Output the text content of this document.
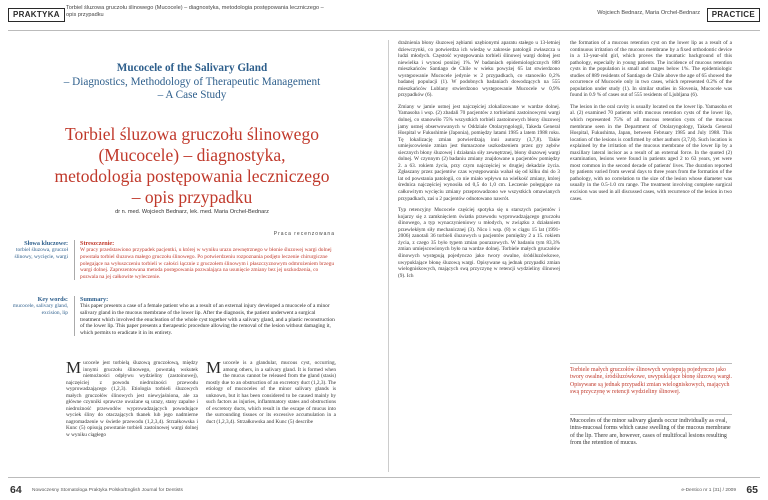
PRAKTYKA
Torbiel śluzowa gruczołu ślinowego (Mucocele) – diagnostyka, metodologia postępowania leczniczego – opis przypadku	Wojciech Bednarz, Maria Orchel-Bednarz	PRACTICE
Mucocele of the Salivary Gland
– Diagnostics, Methodology of Therapeutic Management – A Case Study
Torbiel śluzowa gruczołu ślinowego (Mucocele) – diagnostyka, metodologia postępowania leczniczego – opis przypadku
dr n. med. Wojciech Bednarz, lek. med. Maria Orchel-Bednarz
Praca recenzowana
Słowa kluczowe:
torbiel śluzowa, gruczoł ślinowy, wycięcie, wargi
Streszczenie:
W pracy przedstawiono przypadek pacjentki, u której w wyniku urazu zewnętrznego w błonie śluzowej wargi dolnej powstała torbiel śluzowa małego gruczołu ślinowego. Po potwierdzeniu rozpoznania podjęto leczenie chirurgiczne polegające na wyłuszczeniu torbieli w całości łącznie z gruczołem ślinowym i płaszczyznowym odmrożeniem brzegu wargi dolnej. Zaprezentowana metoda postępowania pozwalająca na usunięcie zmiany bez jej uszkodzenia, co pozwala na jej całkowite wyleczenie.
Key words:
mucocele, salivary gland, excision, lip
Summary:
This paper presents a case of a female patient who as a result of an external injury developed a mucocele of a minor salivary gland in the mucous membrane of the lower lip. After the diagnosis, the patient underwent a surgical treatment which involved the enucleation of the whole cyst together with a salivary gland, and a plastic reconstruction of the lower lip. This paper presents a therapeutic procedure allowing the removal of the lesion without damaging it, which permits to eradicate it in its entirety.
Mucocele jest torbielą śluzową gruczołową, między innymi gruczołu ślinowego, powstałą wskutek niemożności odpływu wydzieliny (zastoinowej), najczęściej z powodu niedrożności przewodu wyprowadzającego (1,2,3). Etiologia torbieli śluzowych małych gruczołów ślinowych jest niewyjaśniona, ale za główne czynniki sprawcze uważane są urazy, stany zapalne i niedrożność przewodów wyprowadzających powodujące wyciek śliny do otaczających tkanek lub jego nadmierne nagromadzenie w świetle przewodu (1,2,3,4). Strzałkowska i Kunc (5) opisują powstanie torbieli zastoinowej wargi dolnej w wyniku ciągłego
Mucocele is a glandular, mucous cyst, occurring, among others, in a salivary gland. It is formed when the mucus cannot be released from the gland (stasis) mostly due to an obstruction of an excretory duct (1,2,3). The etiology of mucoceles of the minor salivary glands is unknown, but it has been considered to be caused mainly by such factors as injuries, inflammatory states and obstructions of excretory ducts, which result in the escape of mucus into the surrounding tissues or its excessive accumulation in a duct (1,2,3,4). Strzałkowska and Kunc (5) describe

drażnienia błony śluzowej zębiami uzębionymi aparatu stałego u 13-letniej dziewczynki, co potwierdza ich wiedzę w zakresie patologii zwłaszcza u ludzi młodych. Częstość występowania torbieli ślinowej wargi dolnej jest niewielka i wynosi poniżej 1%. W badaniach epidemiologicznych 889 mieszkańców Santiago de Chile w wieku powyżej 65 lat stwierdzono występowanie Mucocele jedynie w 2 przypadkach, co stanowiło 0,2% badanej populacji (1). W podobnych badaniach dowodzących na 555 mieszkańców Lublany stwierdzono występowanie Mucocele w 0,9% przypadków (6).

Zmiany w jamie ustnej jest najczęściej zlokalizowane w wardze dolnej. Yamasoba i wsp. (2) zbadali 70 pacjentów z torbielami zastoinowymi wargi dolnej, co stanowiło 75% wszystkich torbieli zastoinowych błony śluzowej jamy ustnej obserwowanych w Oddziale Otolaryngologii, Takeda General Hospital w Fukushimie (Japonia), pomiędzy latami 1985 a latem 1988 roku. Tę lokalizację zmian potwierdzają inni autorzy (3,7,8). Takie umiejscowienie zmian jest tłumaczone uszkodzeniem przez gry zębów siecznych błony śluzowej i działania siły zewnętrznej, błony śluzowej wargi dolnej. W czynnym (2) badaniu zmiany znajdowane u pacjentów pomiędzy 2. a 63. rokiem życia, przy czym najczęściej w drugiej dekadzie życia. Zgłaszany przez pacjentów czas występowania wahał się od kilku dni do 3 lat od powstania patologii, co nie miało wpływu na wielkość zmiany, której średnica najczęściej wynosiła od 0,5 do 1,0 cm. Leczenie polegające na całkowitym wycięciu zmiany przeprowadzono we wszystkich omawianych przypadkach, zaś u 2 pacjentów odnotowano nawrót.

Typ retencyjny Mucocele częściej spotyka się u starszych pacjentów i kojarzy się z zamknięciem światła przewodu wyprowadzającego gruczołu ślinowego, a typ wynaczynieniowy u młodych, w związku z działaniem przewlekłym siły mechanicznej (3). Nico i wsp. (8) w ciągu 15 lat (1991-2006) zanotali 36 torbieli śluzowych u pacjentów pomiędzy 2 a 15. rokiem życia, z czego 35 było typem zmian pourazowych. W badaniu tym 83,3% zmian umiejscowionych było na wardze dolnej. Torbiele małych gruczołów ślinowych występują pojedynczo jako twory owalne, śródśluzówkowe, uwypuklające błonę śluzową wargi. Opisywane są jednak przypadki zmian wielogniskowych, mających swą przyczynę w retencji wydzieliny ślinowej (9). Ich

the formation of a mucous retention cyst on the lower lip as a result of a continuous irritation of the mucous membrane by a fixed orthodontic device in a 13-year-old girl, which proves the traumatic background of this pathology, especially in young patients. The incidence of mucous retention cysts in the population is small and ranges below 1%. The epidemiologic studies of 889 residents of Santiago de Chile above the age of 65 showed the occurrence of Mucocele only in two cases, which represented 0.2% of the population under study (1). In similar studies in Slovenia, Mucocele was found in 0.9 % of cases out of 555 residents of Ljubljana (6).

The lesion in the oral cavity is usually located on the lower lip. Yamasoba et al. (2) examined 70 patients with mucous retention cysts of the lower lip, which represented 75% of all mucous retention cysts of the mucous membrane seen in the Department of Otolaryngology, Takeda General Hospital, Fukushima, Japan, between February 1985 and July 1988. This location of the lesions is confirmed by other authors (3,7,8). Such location is explained by the irritation of the mucous membrane of the lower lip by a maxillary lateral incisor as a result of an external force. In the quoted (2) examination, lesions were found in patients aged 2 to 63 years, yet were most common in the second decade of patients' lives. The duration reported by patients varied from several days to three years from the formation of the pathology, with no correlation to the size of the lesion whose diameter was usually in the 0.5-1.0 cm range. The treatment involving complete surgical excision was used in all discussed cases, with recurrence of the lesion in two cases.

Torbiele małych gruczołów ślinowych występują pojedynczo jako twory owalne, śródśluzówkowe, uwypuklające błonę śluzową wargi. Opisywane są jednak przypadki zmian wielogniskowych, mających swą przyczynę w retencji wydzieliny ślinowej.
Mucoceles of the minor salivary glands occur individually as oval, intra-mucosal forms which cause swelling of the mucous membrane of the lip. There are, however, cases of multifocal lesions resulting from the retention of mucus.
64 Nowoczesny Stomatologa Praktyka Polsko/English Journal for Dentists	e-Dentico nr 1 (31) / 2009 65
